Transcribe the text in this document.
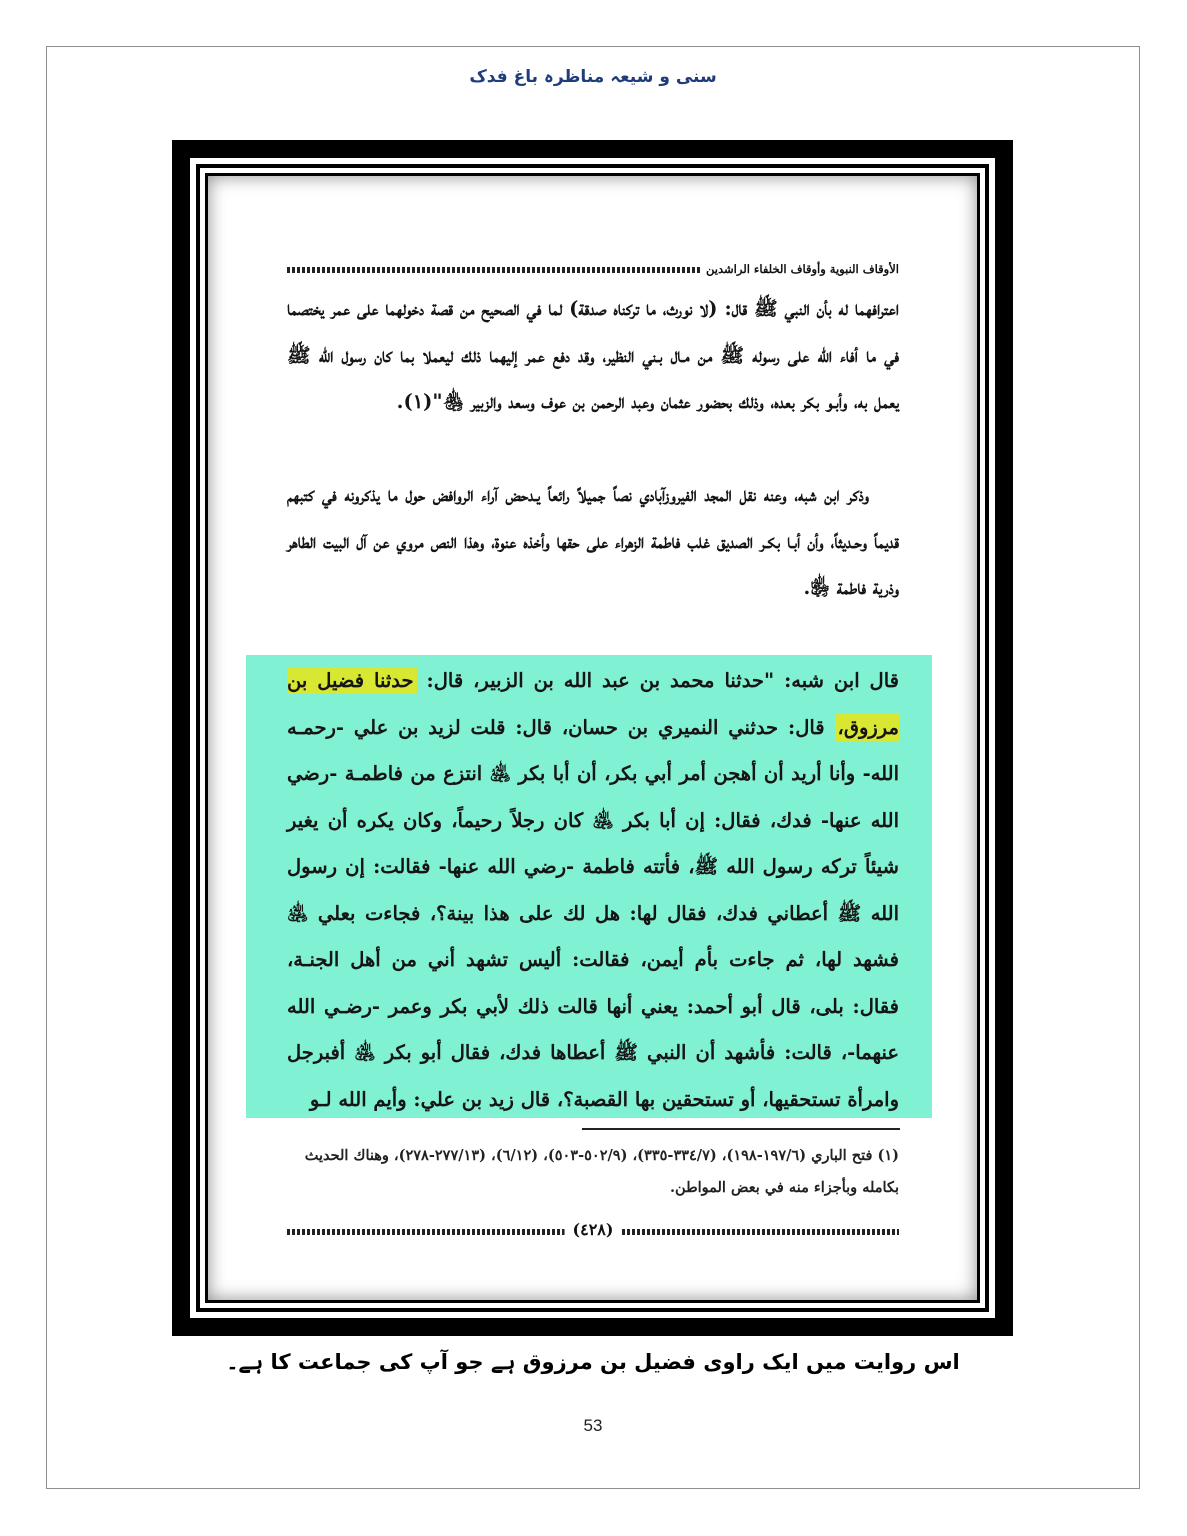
سنی و شیعہ مناظرہ باغ فدک
الأوقاف النبوية وأوقاف الخلفاء الراشدين
اعترافهما له بأن النبي ﷺ قال: (لا نورث، ما تركناه صدقة) لما في الصحيح من قصة دخولهما على عمر يختصما في ما أفاء الله على رسوله ﷺ من مـال بـني النظير، وقد دفع عمر إليهما ذلك ليعملا بما كان رسول الله ﷺ يعمل به، وأبـو بكر بعده، وذلك بحضور عثمان وعبد الرحمن بن عوف وسعد والزبير ﵃"(١).
وذكر ابن شبه، وعنه نقل المجد الفيروزآبادي نصاً جميلاً رائعاً يـدحض آراء الروافض حول ما يذكرونه في كتبهم قديماً وحـديثاً، وأن أبـا بكـر الصديق غلب فاطمة الزهراء على حقها وأخذه عنوة، وهذا النص مروي عن آل البيت الطاهر وذرية فاطمة ﵂.
قال ابن شبه: "حدثنا محمد بن عبد الله بن الزبير، قال: حدثنا فضيل بن مرزوق، قال: حدثني النميري بن حسان، قال: قلت لزيد بن علي -رحمـه الله- وأنا أريد أن أهجن أمر أبي بكر، أن أبا بكر ﵁ انتزع من فاطمـة -رضي الله عنها- فدك، فقال: إن أبا بكر ﵁ كان رجلاً رحيماً، وكان يكره أن يغير شيئاً تركه رسول الله ﷺ، فأتته فاطمة -رضي الله عنها- فقالت: إن رسول الله ﷺ أعطاني فدك، فقال لها: هل لك على هذا بينة؟، فجاءت بعلي ﵁ فشهد لها، ثم جاءت بأم أيمن، فقالت: أليس تشهد أني من أهل الجنـة، فقال: بلى، قال أبو أحمد: يعني أنها قالت ذلك لأبي بكر وعمر -رضـي الله عنهما-، قالت: فأشهد أن النبي ﷺ أعطاها فدك، فقال أبو بكر ﵁ أفبرجل وامرأة تستحقيها، أو تستحقين بها القصبة؟، قال زيد بن علي: وأيم الله لـو

(١) فتح الباري (١٩٧/٦-١٩٨)، (٣٣٤/٧-٣٣٥)، (٥٠٢/٩-٥٠٣)، (٦/١٢)، (٢٧٧/١٣-٢٧٨)، وهناك الحديث بكامله وبأجزاء منه في بعض المواطن.

(٤٢٨)
اس روایت میں ایک راوی فضیل بن مرزوق ہے جو آپ کی جماعت کا ہے۔
53
